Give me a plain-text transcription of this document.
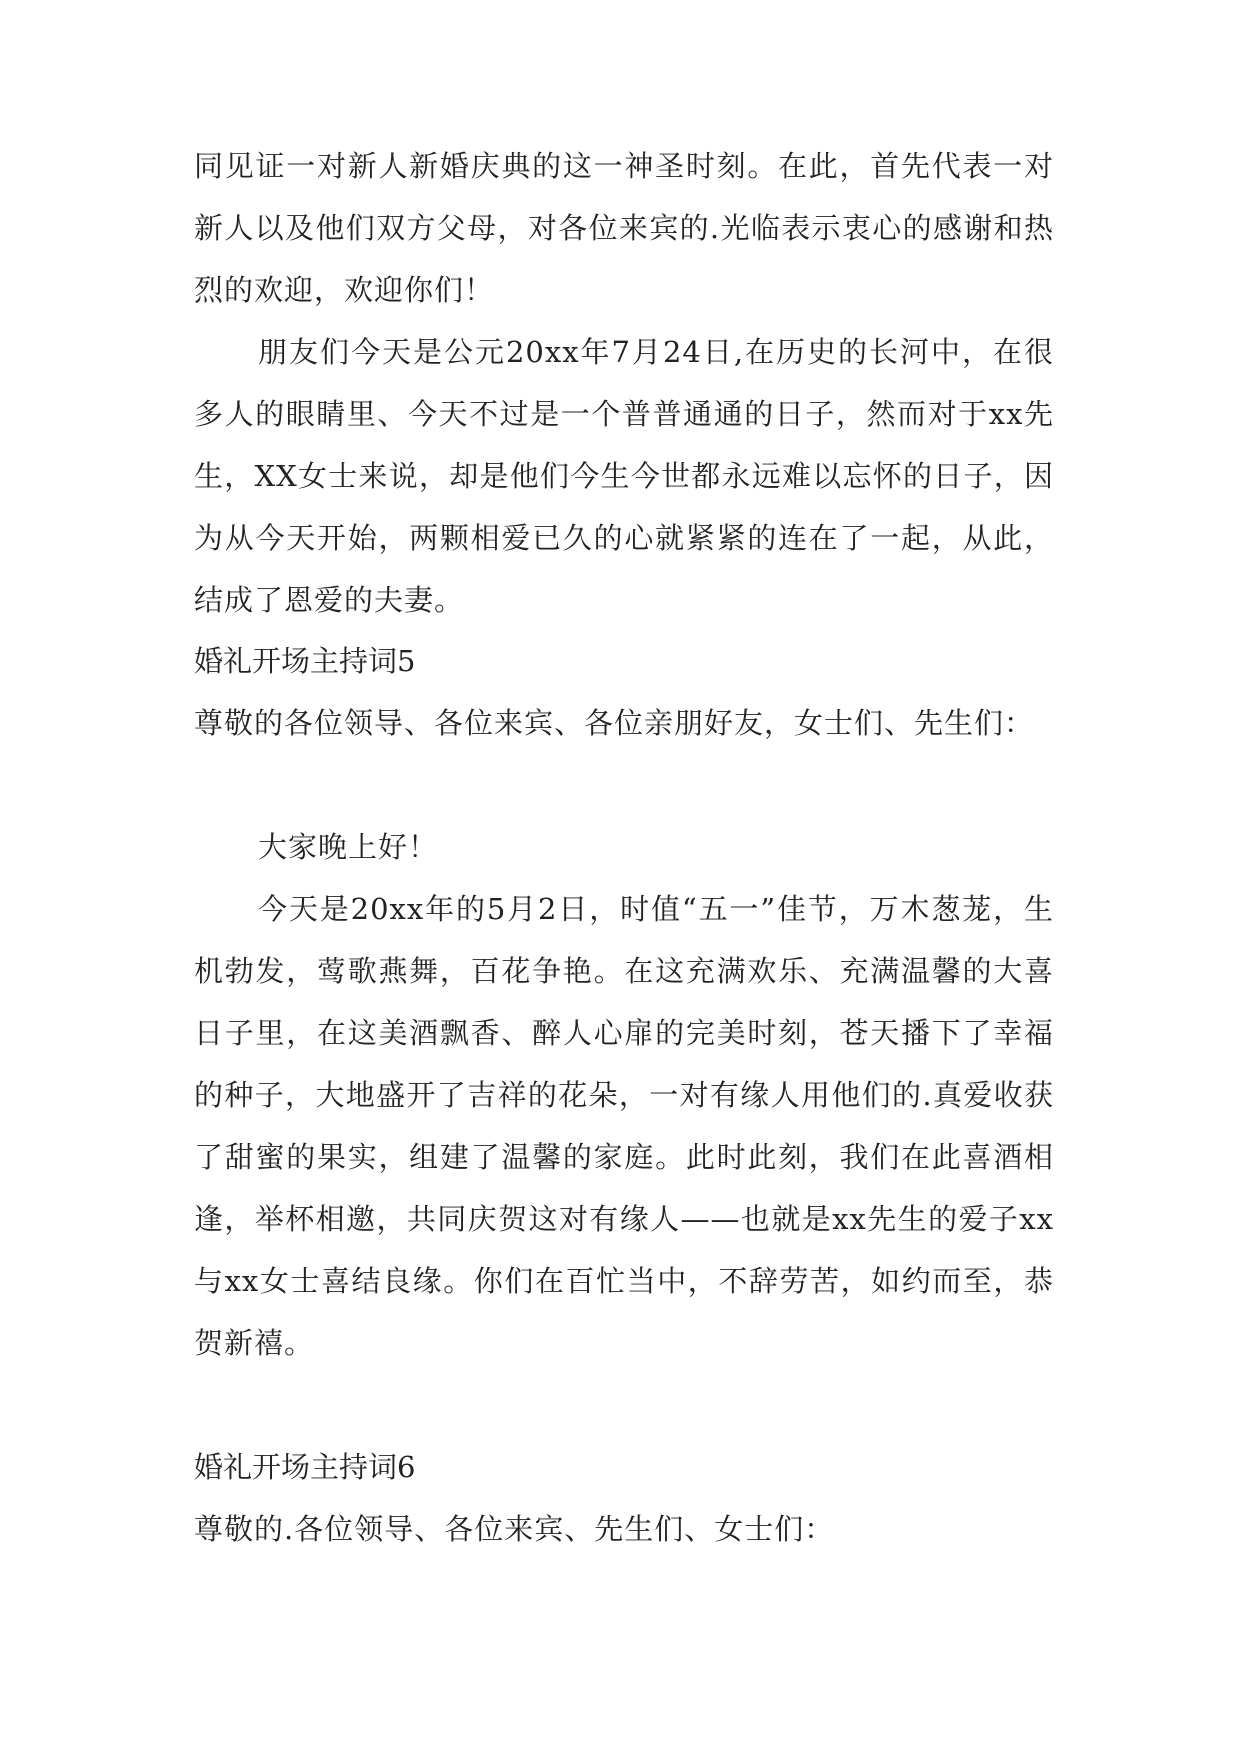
同见证一对新人新婚庆典的这一神圣时刻。在此，首先代表一对新人以及他们双方父母，对各位来宾的.光临表示衷心的感谢和热烈的欢迎，欢迎你们！

朋友们今天是公元20xx年7月24日,在历史的长河中，在很多人的眼睛里、今天不过是一个普普通通的日子，然而对于xx先生，XX女士来说，却是他们今生今世都永远难以忘怀的日子，因为从今天开始，两颗相爱已久的心就紧紧的连在了一起，从此，结成了恩爱的夫妻。

婚礼开场主持词5

尊敬的各位领导、各位来宾、各位亲朋好友，女士们、先生们：

大家晚上好！

今天是20xx年的5月2日，时值“五一”佳节，万木葱茏，生机勃发，莺歌燕舞，百花争艳。在这充满欢乐、充满温馨的大喜日子里，在这美酒飘香、醉人心扉的完美时刻，苍天播下了幸福的种子，大地盛开了吉祥的花朵，一对有缘人用他们的.真爱收获了甜蜜的果实，组建了温馨的家庭。此时此刻，我们在此喜酒相逢，举杯相邀，共同庆贺这对有缘人——也就是xx先生的爱子xx与xx女士喜结良缘。你们在百忙当中，不辞劳苦，如约而至，恭贺新禧。

婚礼开场主持词6

尊敬的.各位领导、各位来宾、先生们、女士们：
